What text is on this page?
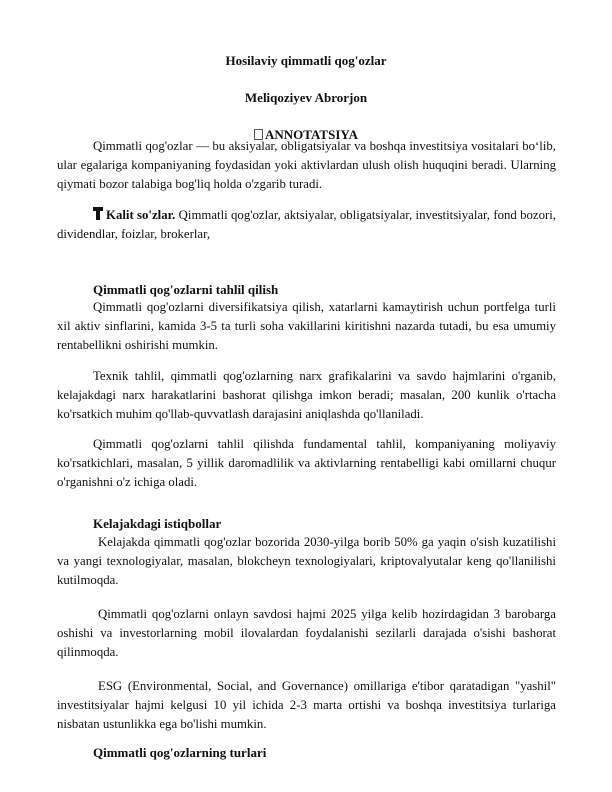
Hosilaviy qimmatli qog'ozlar
Meliqoziyev Abrorjon
ANNOTATSIYA

Qimmatli qog'ozlar — bu aksiyalar, obligatsiyalar va boshqa investitsiya vositalari bo‘lib, ular egalariga kompaniyaning foydasidan yoki aktivlardan ulush olish huquqini beradi. Ularning qiymati bozor talabiga bog'liq holda o'zgarib turadi.

Kalit so'zlar. Qimmatli qog'ozlar, aktsiyalar, obligatsiyalar, investitsiyalar, fond bozori, dividendlar, foizlar, brokerlar,

Qimmatli qog'ozlarni tahlil qilish

Qimmatli qog'ozlarni diversifikatsiya qilish, xatarlarni kamaytirish uchun portfelga turli xil aktiv sinflarini, kamida 3-5 ta turli soha vakillarini kiritishni nazarda tutadi, bu esa umumiy rentabellikni oshirishi mumkin.

Texnik tahlil, qimmatli qog'ozlarning narx grafikalarini va savdo hajmlarini o'rganib, kelajakdagi narx harakatlarini bashorat qilishga imkon beradi; masalan, 200 kunlik o'rtacha ko'rsatkich muhim qo'llab-quvvatlash darajasini aniqlashda qo'llaniladi.

Qimmatli qog'ozlarni tahlil qilishda fundamental tahlil, kompaniyaning moliyaviy ko'rsatkichlari, masalan, 5 yillik daromadlilik va aktivlarning rentabelligi kabi omillarni chuqur o'rganishni o'z ichiga oladi.

Kelajakdagi istiqbollar

Kelajakda qimmatli qog'ozlar bozorida 2030-yilga borib 50% ga yaqin o'sish kuzatilishi va yangi texnologiyalar, masalan, blokcheyn texnologiyalari, kriptovalyutalar keng qo'llanilishi kutilmoqda.

Qimmatli qog'ozlarni onlayn savdosi hajmi 2025 yilga kelib hozirdagidan 3 barobarga oshishi va investorlarning mobil ilovalardan foydalanishi sezilarli darajada o'sishi bashorat qilinmoqda.

ESG (Environmental, Social, and Governance) omillariga e'tibor qaratadigan "yashil" investitsiyalar hajmi kelgusi 10 yil ichida 2-3 marta ortishi va boshqa investitsiya turlariga nisbatan ustunlikka ega bo'lishi mumkin.

Qimmatli qog'ozlarning turlari
